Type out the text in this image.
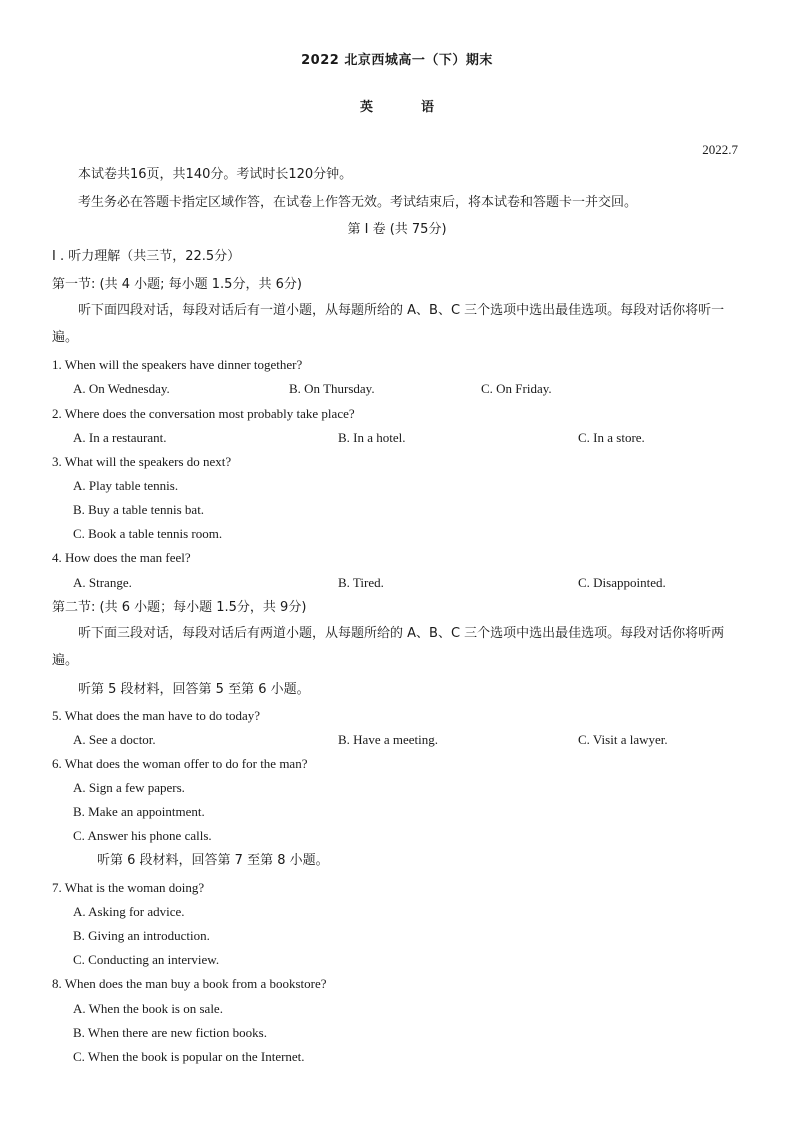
2022 北京西城高一（下）期末
英	语
2022.7
本试卷共16页，共140分。考试时长120分钟。
考生务必在答题卡指定区域作答，在试卷上作答无效。考试结束后，将本试卷和答题卡一并交回。
第 I 卷 (共 75分)
I . 听力理解（共三节，22.5分）
第一节: (共 4 小题; 每小题 1.5分，共 6分)
听下面四段对话，每段对话后有一道小题，从每题所给的 A、B、C 三个选项中选出最佳选项。每段对话你将听一遍。
1. When will the speakers have dinner together?
A. On Wednesday.	B. On Thursday.	C. On Friday.
2. Where does the conversation most probably take place?
A. In a restaurant.	B. In a hotel.	C. In a store.
3. What will the speakers do next?
A. Play table tennis.
B. Buy a table tennis bat.
C. Book a table tennis room.
4. How does the man feel?
A. Strange.	B. Tired.	C. Disappointed.
第二节: (共 6 小题；每小题 1.5分，共 9分)
听下面三段对话，每段对话后有两道小题，从每题所给的 A、B、C 三个选项中选出最佳选项。每段对话你将听两遍。
听第 5 段材料，回答第 5 至第 6 小题。
5. What does the man have to do today?
A. See a doctor.	B. Have a meeting.	C. Visit a lawyer.
6. What does the woman offer to do for the man?
A. Sign a few papers.
B. Make an appointment.
C. Answer his phone calls.
听第 6 段材料，回答第 7 至第 8 小题。
7. What is the woman doing?
A. Asking for advice.
B. Giving an introduction.
C. Conducting an interview.
8. When does the man buy a book from a bookstore?
A. When the book is on sale.
B. When there are new fiction books.
C. When the book is popular on the Internet.
